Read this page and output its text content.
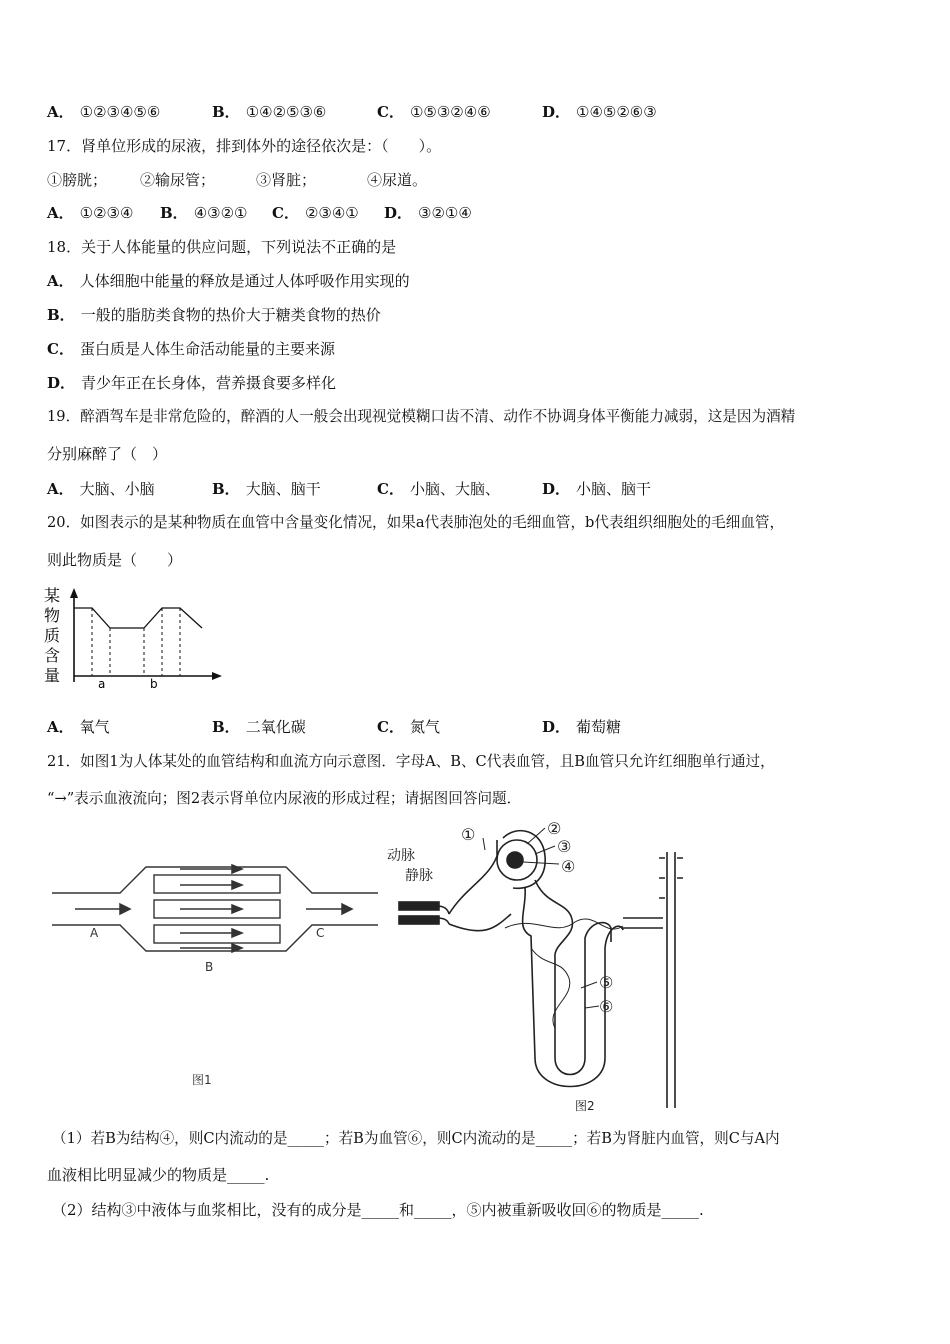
A． ①②③④⑤⑥	B． ①④②⑤③⑥	C． ①⑤③②④⑥	D． ①④⑤②⑥③
17．肾单位形成的尿液，排到体外的途径依次是：（　　）。
①膀胱； ②输尿管；	③肾脏；	④尿道。
A． ①②③④ B． ④③②① C． ②③④① D． ③②①④
18．关于人体能量的供应问题，下列说法不正确的是
A． 人体细胞中能量的释放是通过人体呼吸作用实现的
B． 一般的脂肪类食物的热价大于糖类食物的热价
C． 蛋白质是人体生命活动能量的主要来源
D． 青少年正在长身体，营养摄食要多样化
19．醉酒驾车是非常危险的，醉酒的人一般会出现视觉模糊口齿不清、动作不协调身体平衡能力减弱，这是因为酒精
分别麻醉了（　）
A． 大脑、小脑	B． 大脑、脑干	C． 小脑、大脑、	D． 小脑、脑干
20．如图表示的是某种物质在血管中含量变化情况，如果a代表肺泡处的毛细血管，b代表组织细胞处的毛细血管，
则此物质是（　　）
某
物
质
含
量	a	b
A． 氧气	B． 二氧化碳	C． 氮气	D． 葡萄糖
21．如图1为人体某处的血管结构和血流方向示意图．字母A、B、C代表血管，且B血管只允许红细胞单行通过，
“→”表示血液流向；图2表示肾单位内尿液的形成过程；请据图回答问题．
A
B
C
图1
动脉
静脉
①	②
③
④
⑤
⑥
图2
（1）若B为结构④，则C内流动的是_____；若B为血管⑥，则C内流动的是_____；若B为肾脏内血管，则C与A内
血液相比明显减少的物质是_____.
（2）结构③中液体与血浆相比，没有的成分是_____和_____，⑤内被重新吸收回⑥的物质是_____.
